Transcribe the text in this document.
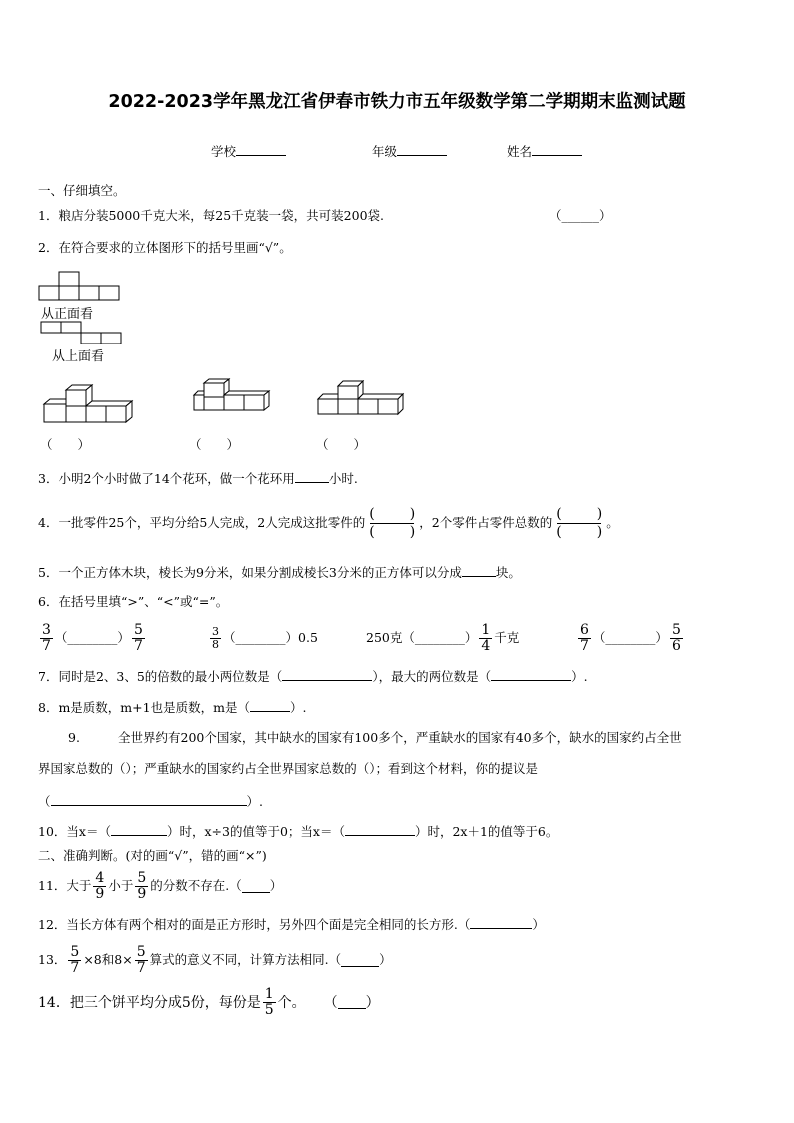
2022-2023学年黑龙江省伊春市铁力市五年级数学第二学期期末监测试题
学校	年级	姓名
一、仔细填空。
1．粮店分装5000千克大米，每25千克装一袋，共可装200袋.	（______）
2．在符合要求的立体图形下的括号里画“√”。
从正面看
从上面看
（　　）	（　　）	（　　）
3．小明2个小时做了14个花环，做一个花环用	小时.
4．一批零件25个，平均分给5人完成，2人完成这批零件的
(	)
(	)
，2个零件占零件总数的
(	)
(	)
。
5．一个正方体木块，棱长为9分米，如果分割成棱长3分米的正方体可以分成	块。
6．在括号里填“>”、“<”或“=”。
$\frac{3}{7}$ （________） $\frac{5}{7}$	$\frac{3}{8}$ （________） 0.5	250克 （________） $\frac{1}{4}$ 千克	$\frac{6}{7}$ （________） $\frac{5}{6}$
7．同时是2、3、5的倍数的最小两位数是（	），最大的两位数是（	）.
8．m是质数，m+1也是质数，m是（	）.
9.	全世界约有200个国家，其中缺水的国家有100多个，严重缺水的国家有40多个，缺水的国家约占全世
界国家总数的（）；严重缺水的国家约占全世界国家总数的（）；看到这个材料，你的提议是
（	）.
10．当x＝（	）时，x÷3的值等于0；当x＝（	）时，2x＋1的值等于6。
二、准确判断。(对的画“√”，错的画“×”)
11．大于 $\frac{4}{9}$ 小于 $\frac{5}{9}$ 的分数不存在.（ ）
12．当长方体有两个相对的面是正方形时，另外四个面是完全相同的长方形.（	）
13． $\frac{5}{7} \times 8$和$8\times \frac{5}{7}$ 算式的意义不同，计算方法相同.（	）
14．把三个饼平均分成5份，每份是 $\frac{1}{5}$ 个。 （ ）
